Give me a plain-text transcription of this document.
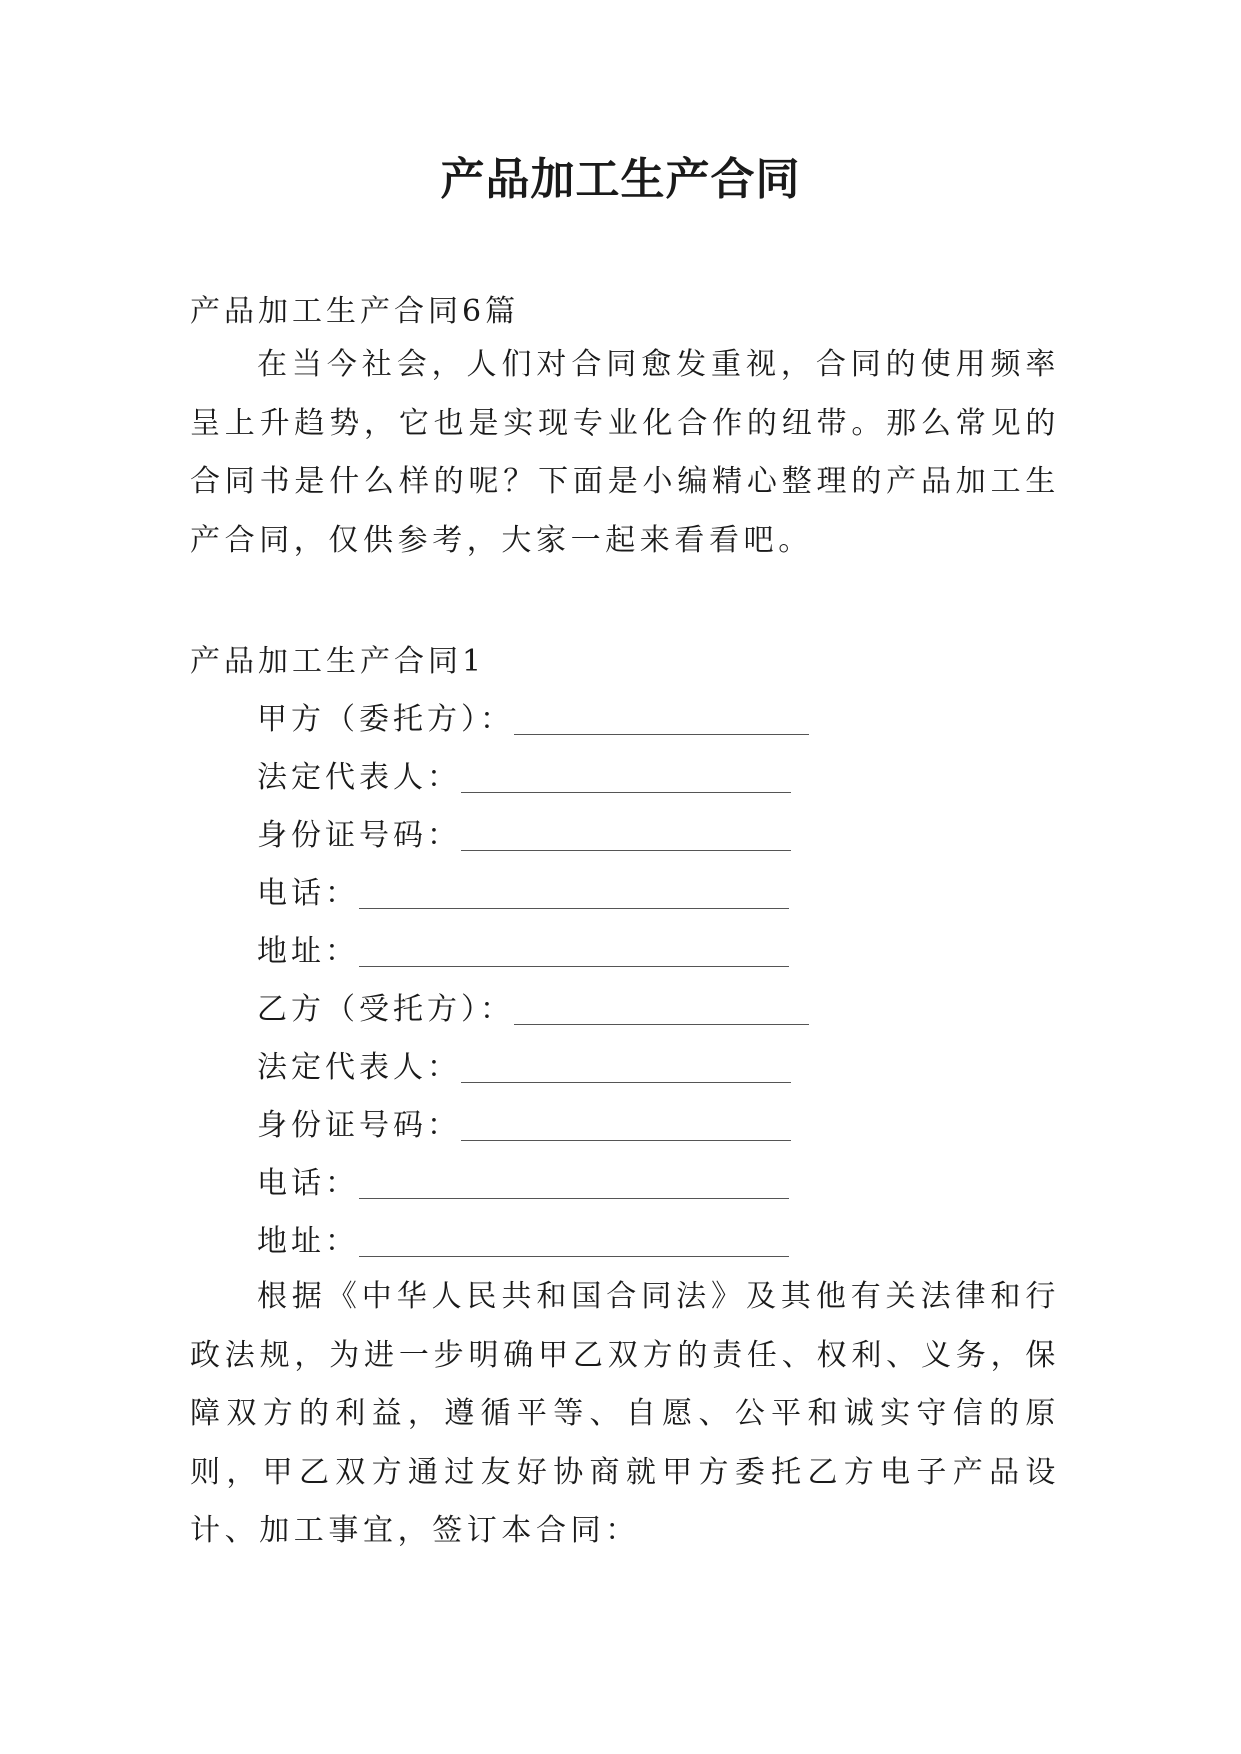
产品加工生产合同
产品加工生产合同6篇
在当今社会，人们对合同愈发重视，合同的使用频率呈上升趋势，它也是实现专业化合作的纽带。那么常见的合同书是什么样的呢？下面是小编精心整理的产品加工生产合同，仅供参考，大家一起来看看吧。
产品加工生产合同1
甲方（委托方）：
法定代表人：
身份证号码：
电话：
地址：
乙方（受托方）：
法定代表人：
身份证号码：
电话：
地址：
根据《中华人民共和国合同法》及其他有关法律和行政法规，为进一步明确甲乙双方的责任、权利、义务，保障双方的利益，遵循平等、自愿、公平和诚实守信的原则，甲乙双方通过友好协商就甲方委托乙方电子产品设计、加工事宜，签订本合同：
